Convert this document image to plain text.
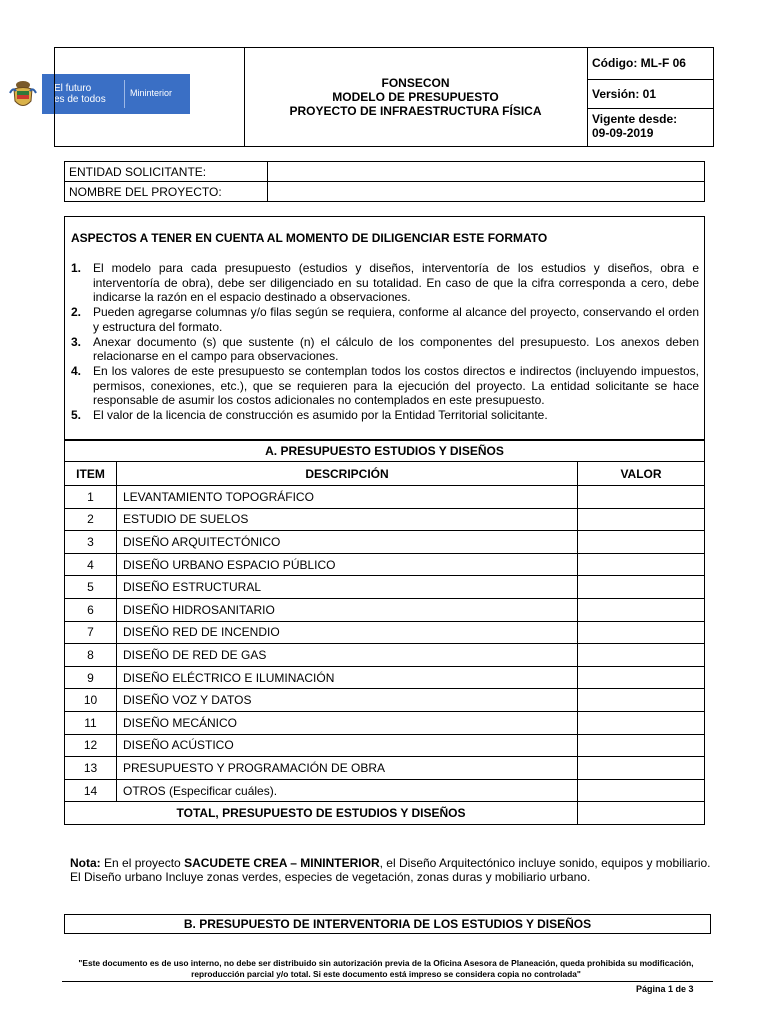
El futuro
es de todos
Mininterior
FONSECON
MODELO DE PRESUPUESTO
PROYECTO DE INFRAESTRUCTURA FÍSICA
Código: ML-F 06
Versión: 01
Vigente desde:
09-09-2019
ENTIDAD SOLICITANTE:	
NOMBRE DEL PROYECTO:	
ASPECTOS A TENER EN CUENTA AL MOMENTO DE DILIGENCIAR ESTE FORMATO
1. El modelo para cada presupuesto (estudios y diseños, interventoría de los estudios y diseños, obra e interventoría de obra), debe ser diligenciado en su totalidad. En caso de que la cifra corresponda a cero, debe indicarse la razón en el espacio destinado a observaciones.
2. Pueden agregarse columnas y/o filas según se requiera, conforme al alcance del proyecto, conservando el orden y estructura del formato.
3. Anexar documento (s) que sustente (n) el cálculo de los componentes del presupuesto. Los anexos deben relacionarse en el campo para observaciones.
4. En los valores de este presupuesto se contemplan todos los costos directos e indirectos (incluyendo impuestos, permisos, conexiones, etc.), que se requieren para la ejecución del proyecto. La entidad solicitante se hace responsable de asumir los costos adicionales no contemplados en este presupuesto.
5. El valor de la licencia de construcción es asumido por la Entidad Territorial solicitante.
A. PRESUPUESTO ESTUDIOS Y DISEÑOS		
ITEM	DESCRIPCIÓN	VALOR
1	LEVANTAMIENTO TOPOGRÁFICO	
2	ESTUDIO DE SUELOS	
3	DISEÑO ARQUITECTÓNICO	
4	DISEÑO URBANO ESPACIO PÚBLICO	
5	DISEÑO ESTRUCTURAL	
6	DISEÑO HIDROSANITARIO	
7	DISEÑO RED DE INCENDIO	
8	DISEÑO DE RED DE GAS	
9	DISEÑO ELÉCTRICO E ILUMINACIÓN	
10	DISEÑO VOZ Y DATOS	
11	DISEÑO MECÁNICO	
12	DISEÑO ACÚSTICO	
13	PRESUPUESTO Y PROGRAMACIÓN DE OBRA	
14	OTROS (Especificar cuáles).	
TOTAL, PRESUPUESTO DE ESTUDIOS Y DISEÑOS		
Nota: En el proyecto SACUDETE CREA – MININTERIOR, el Diseño Arquitectónico incluye sonido, equipos y mobiliario.
El Diseño urbano Incluye zonas verdes, especies de vegetación, zonas duras y mobiliario urbano.
B. PRESUPUESTO DE INTERVENTORIA DE LOS ESTUDIOS Y DISEÑOS
"Este documento es de uso interno, no debe ser distribuido sin autorización previa de la Oficina Asesora de Planeación, queda prohibida su modificación, reproducción parcial y/o total. Si este documento está impreso se considera copia no controlada"
Página 1 de 3
